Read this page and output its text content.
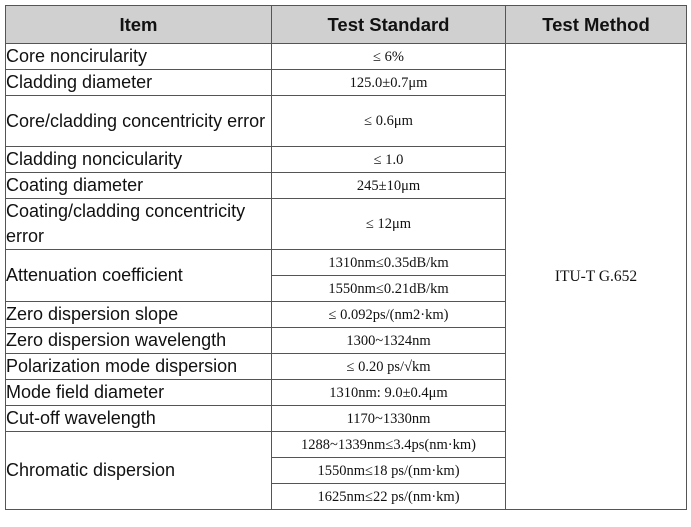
Item	Test Standard	Test Method
Core noncirularity	≤ 6%	ITU-T G.652
Cladding diameter	125.0±0.7μm	
Core/cladding concentricity error	≤ 0.6μm	
Cladding noncicularity	≤ 1.0	
Coating diameter	245±10μm	
Coating/cladding concentricity error	≤ 12μm	
Attenuation coefficient	1310nm≤0.35dB/km	
	1550nm≤0.21dB/km	
Zero dispersion slope	≤ 0.092ps/(nm2·km)	
Zero dispersion wavelength	1300~1324nm	
Polarization mode dispersion	≤ 0.20 ps/√km	
Mode field diameter	1310nm: 9.0±0.4μm	
Cut-off wavelength	1170~1330nm	
Chromatic dispersion	1288~1339nm≤3.4ps(nm·km)	
	1550nm≤18 ps/(nm·km)	
	1625nm≤22 ps/(nm·km)	
